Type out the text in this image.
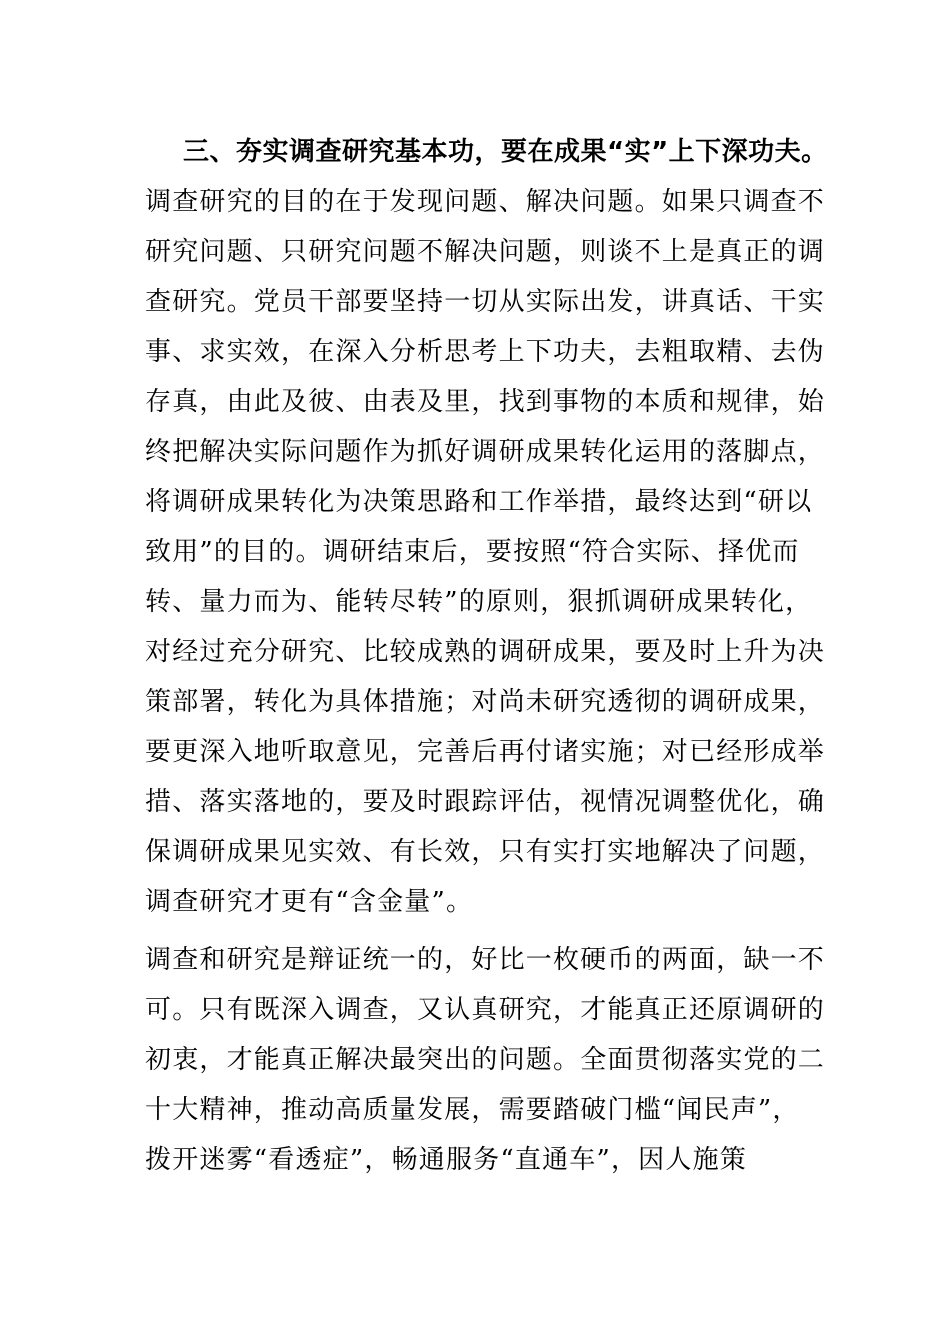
三、夯实调查研究基本功，要在成果“实”上下深功夫。
调查研究的目的在于发现问题、解决问题。如果只调查不
研究问题、只研究问题不解决问题，则谈不上是真正的调
查研究。党员干部要坚持一切从实际出发，讲真话、干实
事、求实效，在深入分析思考上下功夫，去粗取精、去伪
存真，由此及彼、由表及里，找到事物的本质和规律，始
终把解决实际问题作为抓好调研成果转化运用的落脚点，
将调研成果转化为决策思路和工作举措，最终达到“研以
致用”的目的。调研结束后，要按照“符合实际、择优而
转、量力而为、能转尽转”的原则，狠抓调研成果转化，
对经过充分研究、比较成熟的调研成果，要及时上升为决
策部署，转化为具体措施；对尚未研究透彻的调研成果，
要更深入地听取意见，完善后再付诸实施；对已经形成举
措、落实落地的，要及时跟踪评估，视情况调整优化，确
保调研成果见实效、有长效，只有实打实地解决了问题，
调查研究才更有“含金量”。
调查和研究是辩证统一的，好比一枚硬币的两面，缺一不
可。只有既深入调查，又认真研究，才能真正还原调研的
初衷，才能真正解决最突出的问题。全面贯彻落实党的二
十大精神，推动高质量发展，需要踏破门槛“闻民声”，
拨开迷雾“看透症”，畅通服务“直通车”，因人施策
